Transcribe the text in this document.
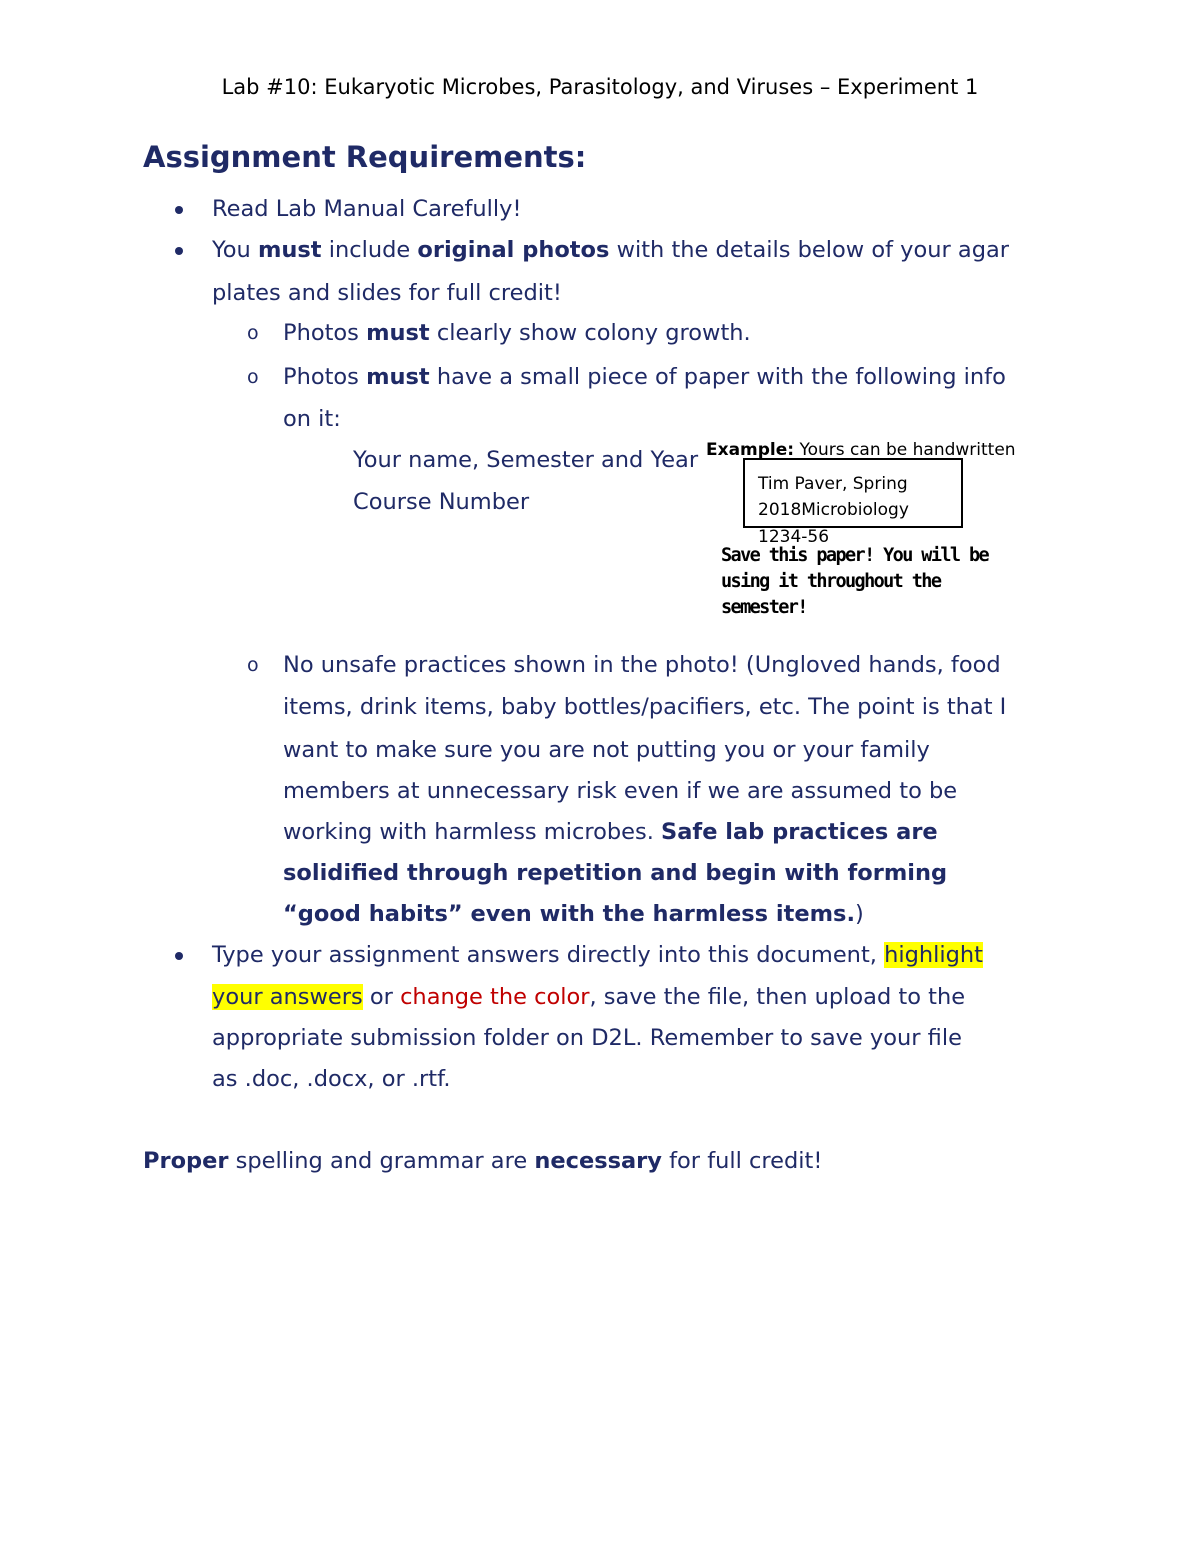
Lab #10: Eukaryotic Microbes, Parasitology, and Viruses – Experiment 1
Assignment Requirements:
Read Lab Manual Carefully!
You must include original photos with the details below of your agar
plates and slides for full credit!
o Photos must clearly show colony growth.
o Photos must have a small piece of paper with the following info
on it:
Your name, Semester and Year
Course Number
Example: Yours can be handwritten
Tim Paver, Spring
2018Microbiology
1234-56
Save this paper! You will be using it throughout the semester!
o No unsafe practices shown in the photo! (Ungloved hands, food
items, drink items, baby bottles/pacifiers, etc. The point is that I
want to make sure you are not putting you or your family
members at unnecessary risk even if we are assumed to be
working with harmless microbes. Safe lab practices are
solidified through repetition and begin with forming
“good habits” even with the harmless items.)
Type your assignment answers directly into this document, highlight
your answers or change the color, save the file, then upload to the
appropriate submission folder on D2L. Remember to save your file
as .doc, .docx, or .rtf.
Proper spelling and grammar are necessary for full credit!
